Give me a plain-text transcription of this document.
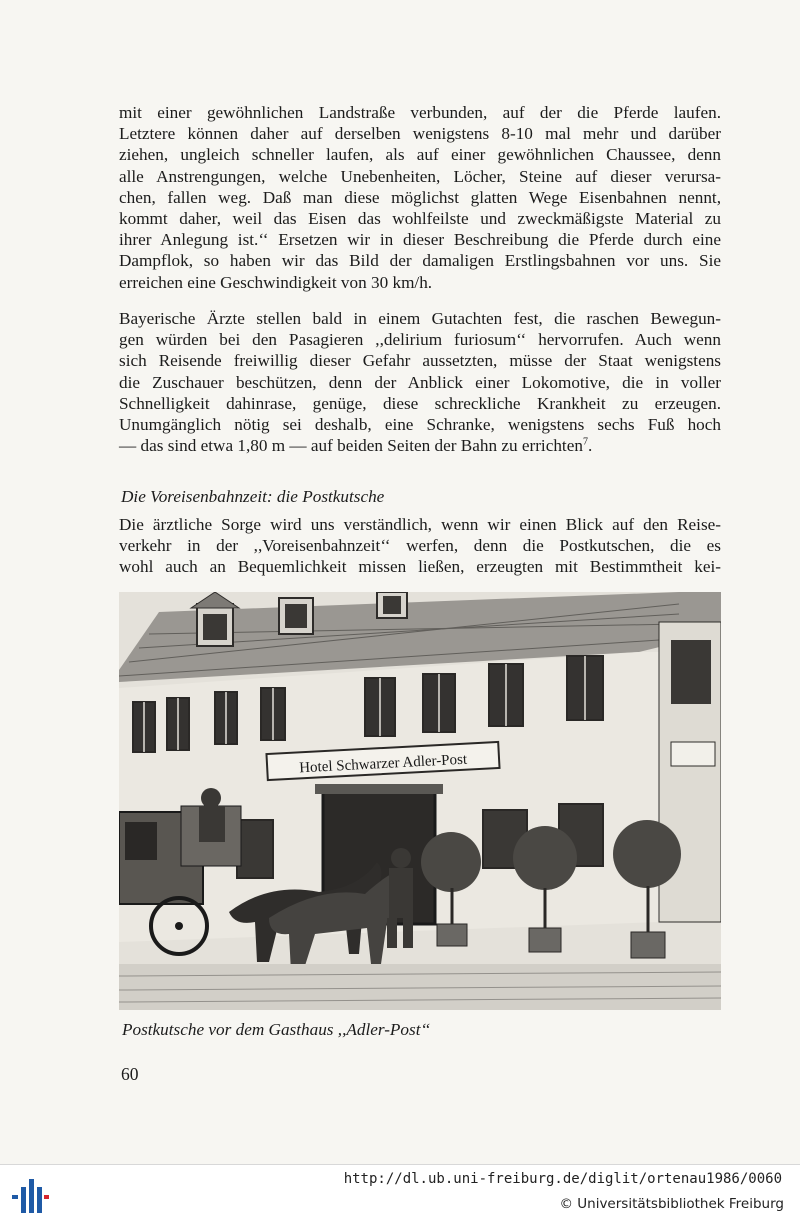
mit einer gewöhnlichen Landstraße verbunden, auf der die Pferde laufen.
Letztere können daher auf derselben wenigstens 8-10 mal mehr und darüber
ziehen, ungleich schneller laufen, als auf einer gewöhnlichen Chaussee, denn
alle Anstrengungen, welche Unebenheiten, Löcher, Steine auf dieser verursa-
chen, fallen weg. Daß man diese möglichst glatten Wege Eisenbahnen nennt,
kommt daher, weil das Eisen das wohlfeilste und zweckmäßigste Material zu
ihrer Anlegung ist.‘‘ Ersetzen wir in dieser Beschreibung die Pferde durch eine
Dampflok, so haben wir das Bild der damaligen Erstlingsbahnen vor uns. Sie
erreichen eine Geschwindigkeit von 30 km/h.
Bayerische Ärzte stellen bald in einem Gutachten fest, die raschen Bewegun-
gen würden bei den Pasagieren ,,delirium furiosum‘‘ hervorrufen. Auch wenn
sich Reisende freiwillig dieser Gefahr aussetzten, müsse der Staat wenigstens
die Zuschauer beschützen, denn der Anblick einer Lokomotive, die in voller
Schnelligkeit dahinrase, genüge, diese schreckliche Krankheit zu erzeugen.
Unumgänglich nötig sei deshalb, eine Schranke, wenigstens sechs Fuß hoch
— das sind etwa 1,80 m — auf beiden Seiten der Bahn zu errichten$^7$.
Die Voreisenbahnzeit: die Postkutsche
Die ärztliche Sorge wird uns verständlich, wenn wir einen Blick auf den Reise-
verkehr in der ,,Voreisenbahnzeit‘‘ werfen, denn die Postkutschen, die es
wohl auch an Bequemlichkeit missen ließen, erzeugten mit Bestimmtheit kei-
Hotel Schwarzer Adler-Post
Postkutsche vor dem Gasthaus ,,Adler-Post‘‘
60
http://dl.ub.uni-freiburg.de/diglit/ortenau1986/0060
© Universitätsbibliothek Freiburg
